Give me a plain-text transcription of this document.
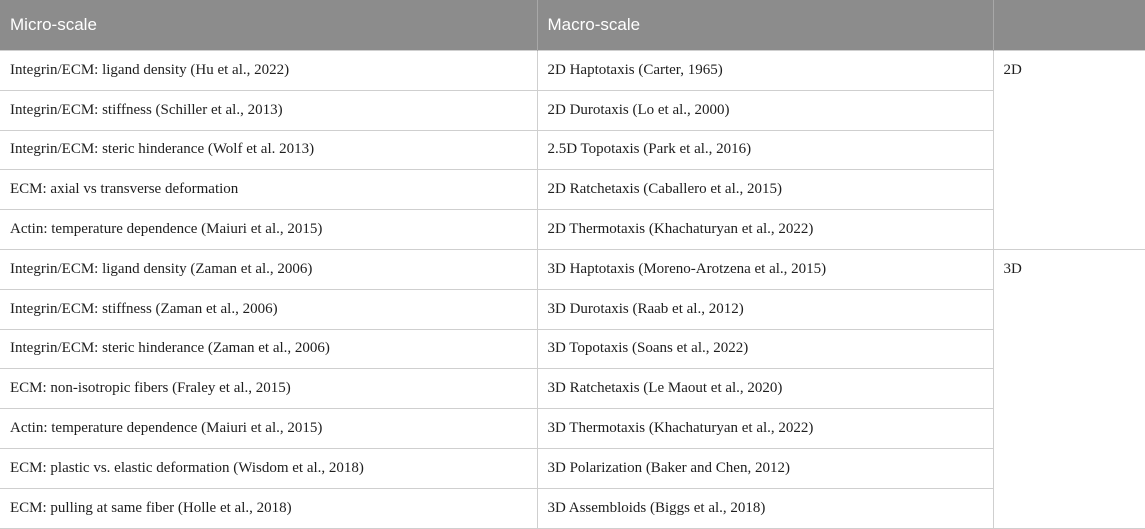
Micro-scale	Macro-scale	
Integrin/ECM: ligand density (Hu et al., 2022)	2D Haptotaxis (Carter, 1965)	2D
Integrin/ECM: stiffness (Schiller et al., 2013)	2D Durotaxis (Lo et al., 2000)	
Integrin/ECM: steric hinderance (Wolf et al. 2013)	2.5D Topotaxis (Park et al., 2016)	
ECM: axial vs transverse deformation	2D Ratchetaxis (Caballero et al., 2015)	
Actin: temperature dependence (Maiuri et al., 2015)	2D Thermotaxis (Khachaturyan et al., 2022)	
Integrin/ECM: ligand density (Zaman et al., 2006)	3D Haptotaxis (Moreno-Arotzena et al., 2015)	3D
Integrin/ECM: stiffness (Zaman et al., 2006)	3D Durotaxis (Raab et al., 2012)	
Integrin/ECM: steric hinderance (Zaman et al., 2006)	3D Topotaxis (Soans et al., 2022)	
ECM: non-isotropic fibers (Fraley et al., 2015)	3D Ratchetaxis (Le Maout et al., 2020)	
Actin: temperature dependence (Maiuri et al., 2015)	3D Thermotaxis (Khachaturyan et al., 2022)	
ECM: plastic vs. elastic deformation (Wisdom et al., 2018)	3D Polarization (Baker and Chen, 2012)	
ECM: pulling at same fiber (Holle et al., 2018)	3D Assembloids (Biggs et al., 2018)	
